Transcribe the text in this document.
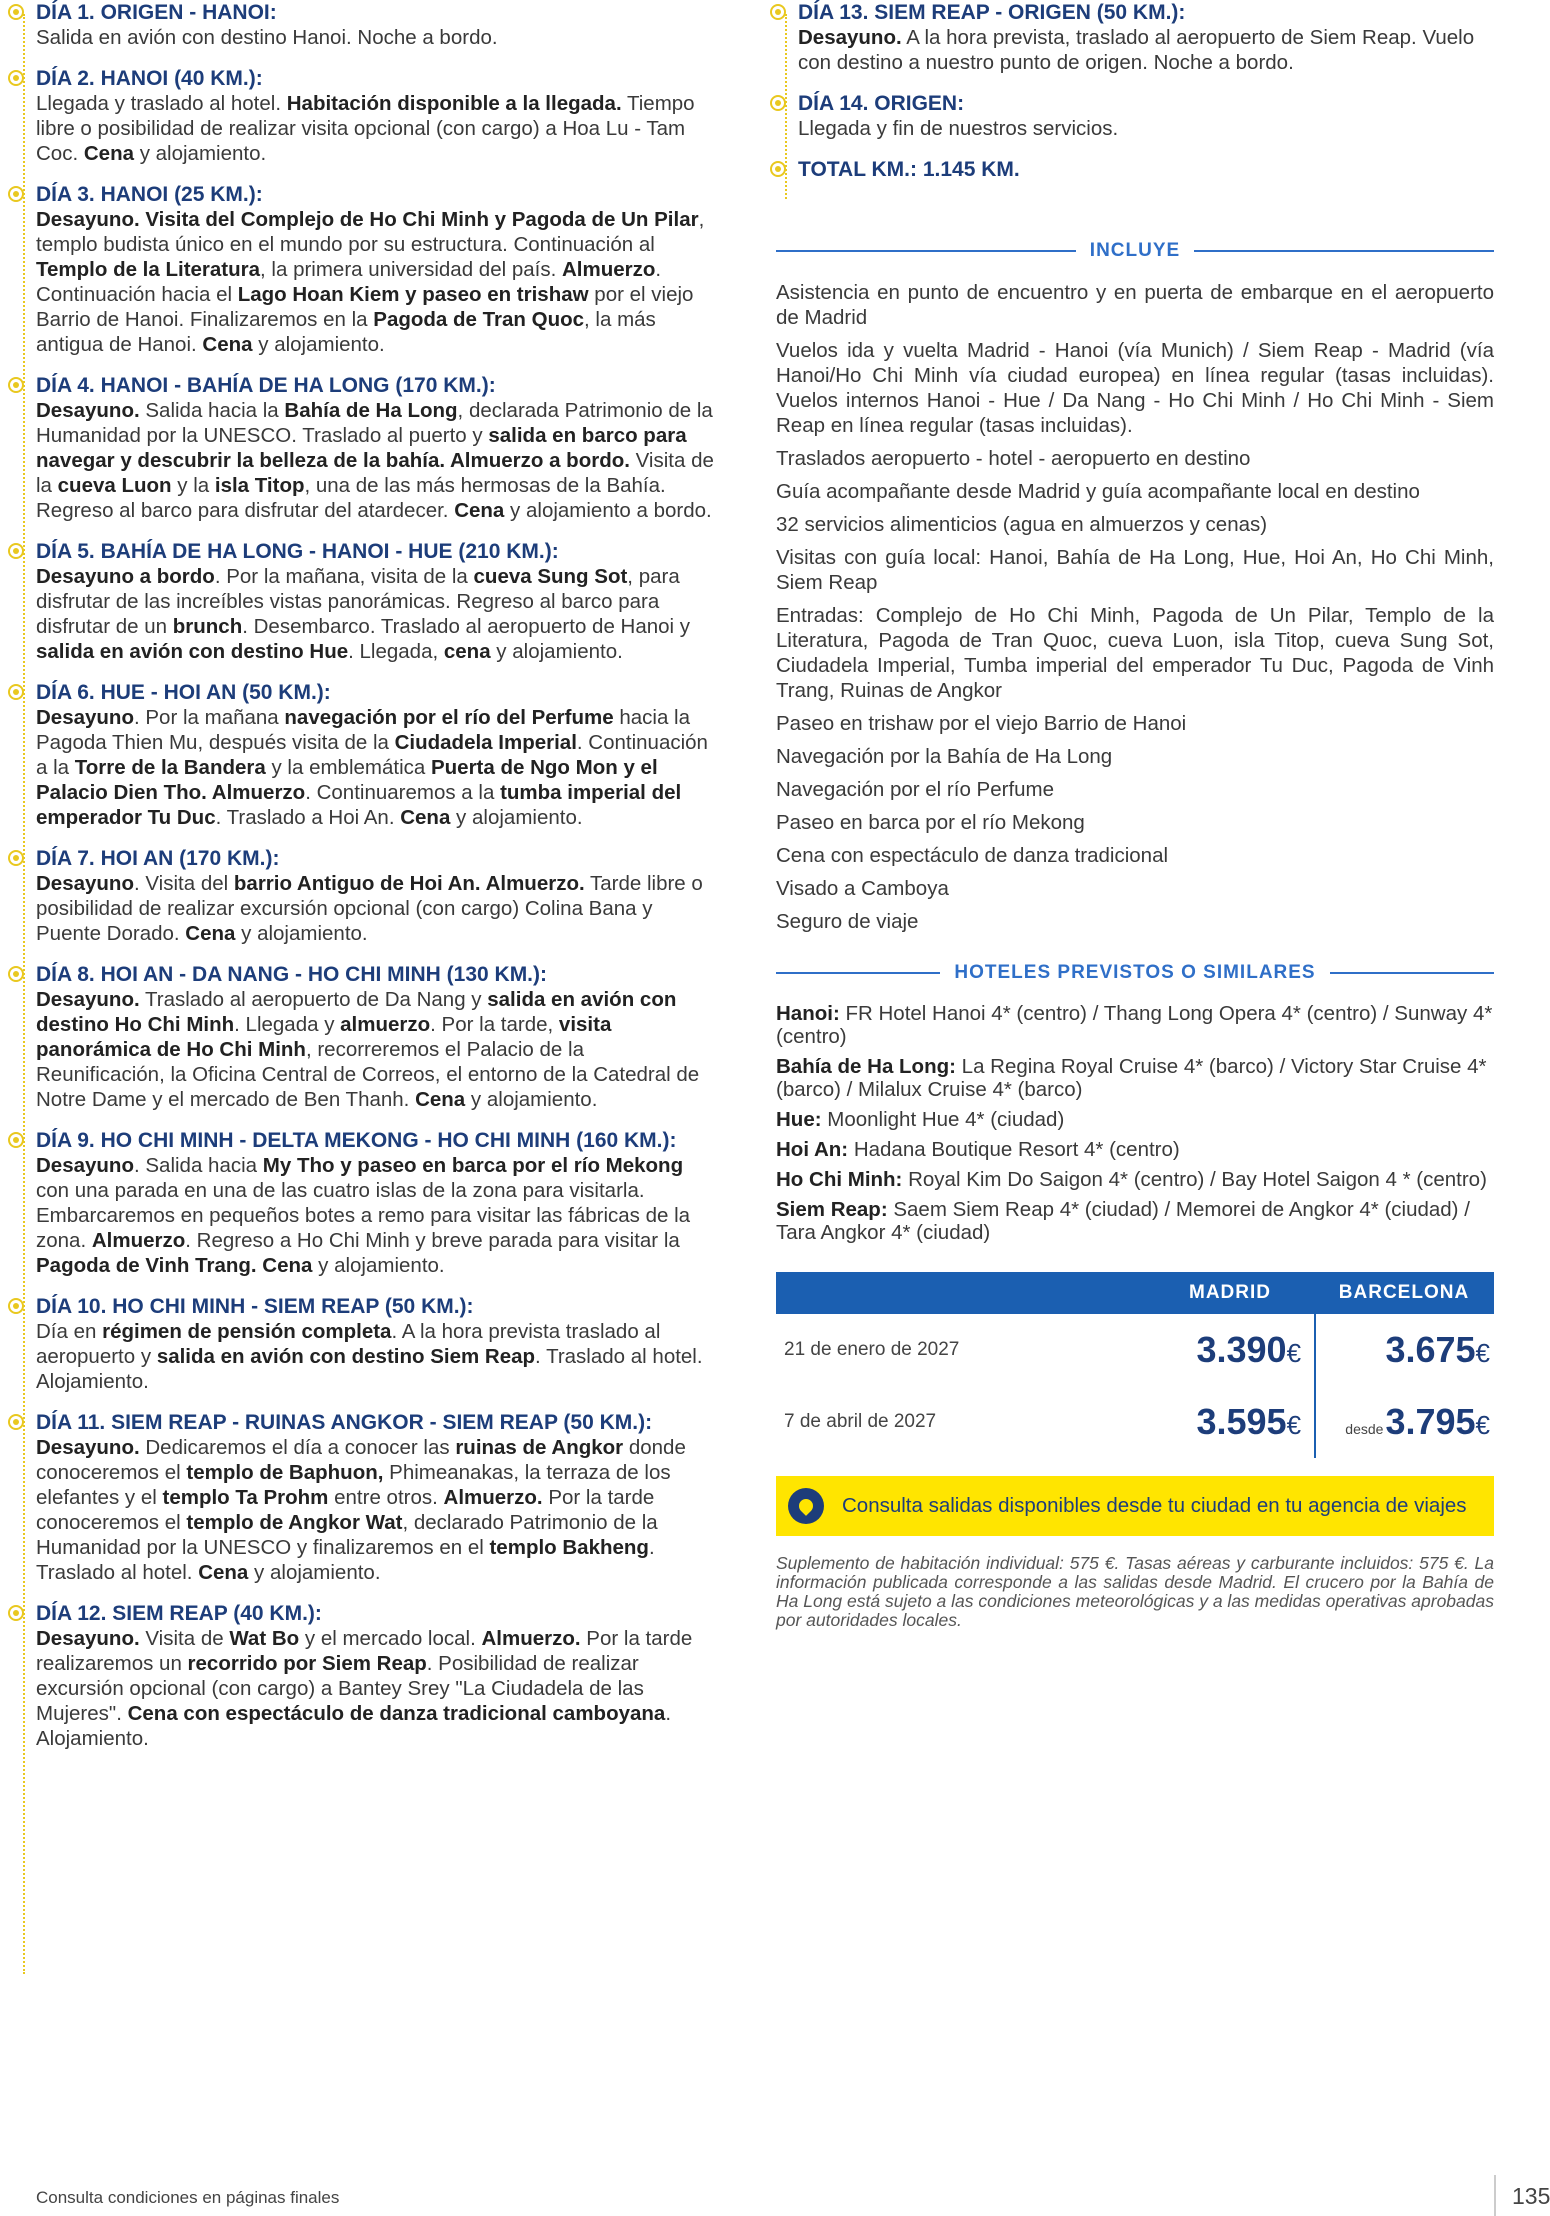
DÍA 1. ORIGEN - HANOI:
Salida en avión con destino Hanoi. Noche a bordo.
DÍA 2. HANOI (40 KM.):
Llegada y traslado al hotel. Habitación disponible a la llegada. Tiempo libre o posibilidad de realizar visita opcional (con cargo) a Hoa Lu - Tam Coc. Cena y alojamiento.
DÍA 3. HANOI (25 KM.):
Desayuno. Visita del Complejo de Ho Chi Minh y Pagoda de Un Pilar, templo budista único en el mundo por su estructura. Continuación al Templo de la Literatura, la primera universidad del país. Almuerzo. Continuación hacia el Lago Hoan Kiem y paseo en trishaw por el viejo Barrio de Hanoi. Finalizaremos en la Pagoda de Tran Quoc, la más antigua de Hanoi. Cena y alojamiento.
DÍA 4. HANOI - BAHÍA DE HA LONG (170 KM.):
Desayuno. Salida hacia la Bahía de Ha Long, declarada Patrimonio de la Humanidad por la UNESCO. Traslado al puerto y salida en barco para navegar y descubrir la belleza de la bahía. Almuerzo a bordo. Visita de la cueva Luon y la isla Titop, una de las más hermosas de la Bahía. Regreso al barco para disfrutar del atardecer. Cena y alojamiento a bordo.
DÍA 5. BAHÍA DE HA LONG - HANOI - HUE (210 KM.):
Desayuno a bordo. Por la mañana, visita de la cueva Sung Sot, para disfrutar de las increíbles vistas panorámicas. Regreso al barco para disfrutar de un brunch. Desembarco. Traslado al aeropuerto de Hanoi y salida en avión con destino Hue. Llegada, cena y alojamiento.
DÍA 6. HUE - HOI AN (50 KM.):
Desayuno. Por la mañana navegación por el río del Perfume hacia la Pagoda Thien Mu, después visita de la Ciudadela Imperial. Continuación a la Torre de la Bandera y la emblemática Puerta de Ngo Mon y el Palacio Dien Tho. Almuerzo. Continuaremos a la tumba imperial del emperador Tu Duc. Traslado a Hoi An. Cena y alojamiento.
DÍA 7. HOI AN (170 KM.):
Desayuno. Visita del barrio Antiguo de Hoi An. Almuerzo. Tarde libre o posibilidad de realizar excursión opcional (con cargo) Colina Bana y Puente Dorado. Cena y alojamiento.
DÍA 8. HOI AN - DA NANG - HO CHI MINH (130 KM.):
Desayuno. Traslado al aeropuerto de Da Nang y salida en avión con destino Ho Chi Minh. Llegada y almuerzo. Por la tarde, visita panorámica de Ho Chi Minh, recorreremos el Palacio de la Reunificación, la Oficina Central de Correos, el entorno de la Catedral de Notre Dame y el mercado de Ben Thanh. Cena y alojamiento.
DÍA 9. HO CHI MINH - DELTA MEKONG - HO CHI MINH (160 KM.):
Desayuno. Salida hacia My Tho y paseo en barca por el río Mekong con una parada en una de las cuatro islas de la zona para visitarla. Embarcaremos en pequeños botes a remo para visitar las fábricas de la zona. Almuerzo. Regreso a Ho Chi Minh y breve parada para visitar la Pagoda de Vinh Trang. Cena y alojamiento.
DÍA 10. HO CHI MINH - SIEM REAP (50 KM.):
Día en régimen de pensión completa. A la hora prevista traslado al aeropuerto y salida en avión con destino Siem Reap. Traslado al hotel. Alojamiento.
DÍA 11. SIEM REAP - RUINAS ANGKOR - SIEM REAP (50 KM.):
Desayuno. Dedicaremos el día a conocer las ruinas de Angkor donde conoceremos el templo de Baphuon, Phimeanakas, la terraza de los elefantes y el templo Ta Prohm entre otros. Almuerzo. Por la tarde conoceremos el templo de Angkor Wat, declarado Patrimonio de la Humanidad por la UNESCO y finalizaremos en el templo Bakheng. Traslado al hotel. Cena y alojamiento.
DÍA 12. SIEM REAP (40 KM.):
Desayuno. Visita de Wat Bo y el mercado local. Almuerzo. Por la tarde realizaremos un recorrido por Siem Reap. Posibilidad de realizar excursión opcional (con cargo) a Bantey Srey "La Ciudadela de las Mujeres". Cena con espectáculo de danza tradicional camboyana. Alojamiento.
DÍA 13. SIEM REAP - ORIGEN (50 KM.):
Desayuno. A la hora prevista, traslado al aeropuerto de Siem Reap. Vuelo con destino a nuestro punto de origen. Noche a bordo.
DÍA 14. ORIGEN:
Llegada y fin de nuestros servicios.
TOTAL KM.: 1.145 KM.
INCLUYE
Asistencia en punto de encuentro y en puerta de embarque en el aeropuerto de Madrid
Vuelos ida y vuelta Madrid - Hanoi (vía Munich) / Siem Reap - Madrid (vía Hanoi/Ho Chi Minh vía ciudad europea) en línea regular (tasas incluidas). Vuelos internos Hanoi - Hue / Da Nang - Ho Chi Minh / Ho Chi Minh - Siem Reap en línea regular (tasas incluidas).
Traslados aeropuerto - hotel - aeropuerto en destino
Guía acompañante desde Madrid y guía acompañante local en destino
32 servicios alimenticios (agua en almuerzos y cenas)
Visitas con guía local: Hanoi, Bahía de Ha Long, Hue, Hoi An, Ho Chi Minh, Siem Reap
Entradas: Complejo de Ho Chi Minh, Pagoda de Un Pilar, Templo de la Literatura, Pagoda de Tran Quoc, cueva Luon, isla Titop, cueva Sung Sot, Ciudadela Imperial, Tumba imperial del emperador Tu Duc, Pagoda de Vinh Trang, Ruinas de Angkor
Paseo en trishaw por el viejo Barrio de Hanoi
Navegación por la Bahía de Ha Long
Navegación por el río Perfume
Paseo en barca por el río Mekong
Cena con espectáculo de danza tradicional
Visado a Camboya
Seguro de viaje
HOTELES PREVISTOS O SIMILARES
Hanoi: FR Hotel Hanoi 4* (centro) / Thang Long Opera 4* (centro) / Sunway 4* (centro)
Bahía de Ha Long: La Regina Royal Cruise 4* (barco) / Victory Star Cruise 4* (barco) / Milalux Cruise 4* (barco)
Hue: Moonlight Hue 4* (ciudad)
Hoi An: Hadana Boutique Resort 4* (centro)
Ho Chi Minh: Royal Kim Do Saigon 4* (centro) / Bay Hotel Saigon 4 * (centro)
Siem Reap: Saem Siem Reap 4* (ciudad) / Memorei de Angkor 4* (ciudad) / Tara Angkor 4* (ciudad)
MADRID	BARCELONA
21 de enero de 2027	3.390€	3.675€
7 de abril de 2027	3.595€	desde3.795€
Consulta salidas disponibles desde tu ciudad en tu agencia de viajes
Suplemento de habitación individual: 575 €. Tasas aéreas y carburante incluidos: 575 €. La información publicada corresponde a las salidas desde Madrid. El crucero por la Bahía de Ha Long está sujeto a las condiciones meteorológicas y a las medidas operativas aprobadas por autoridades locales.
Consulta condiciones en páginas finales	135
